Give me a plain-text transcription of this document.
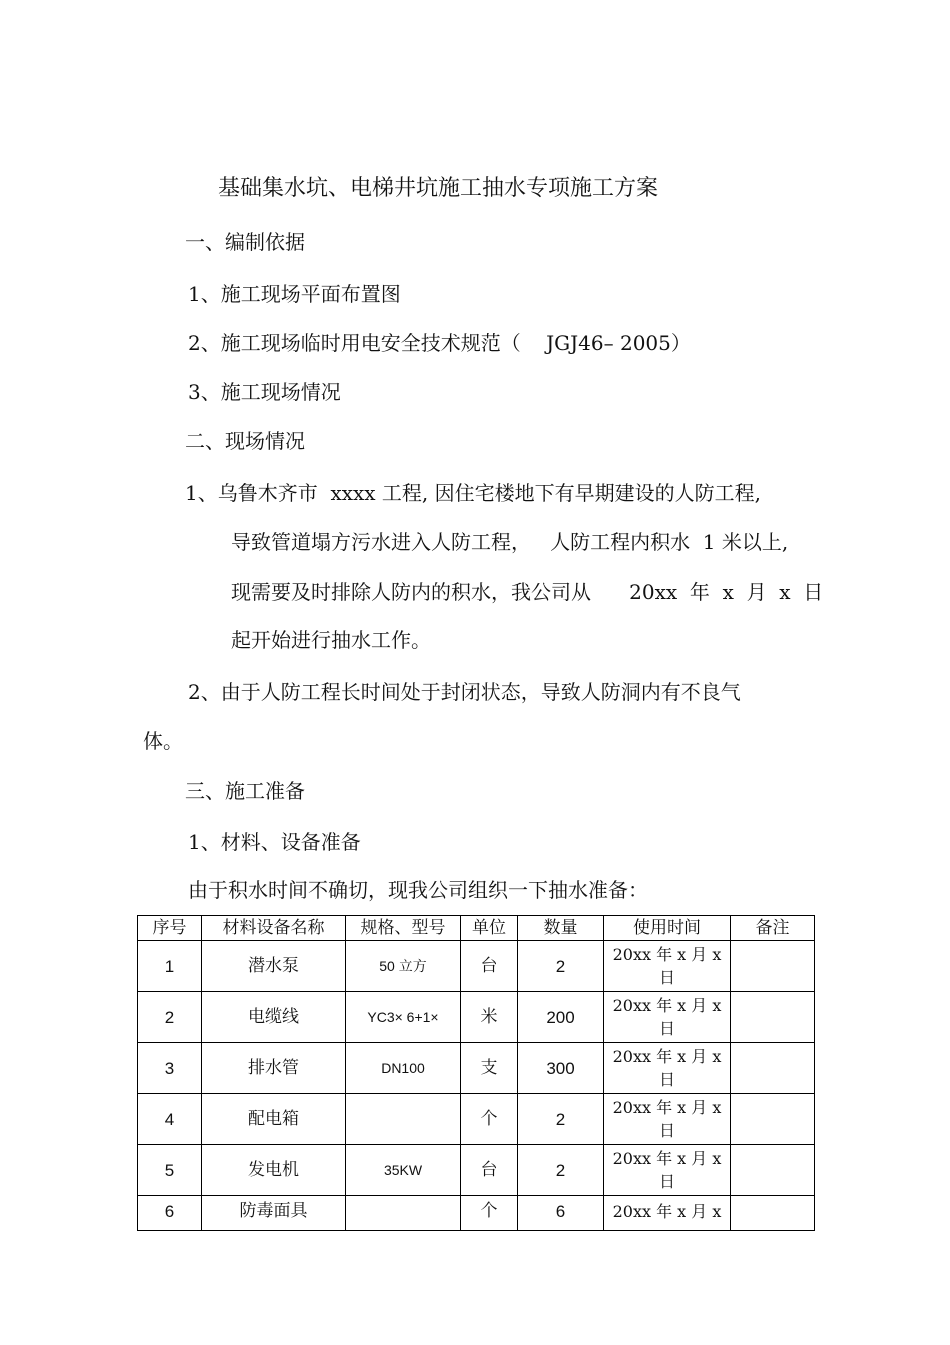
基础集水坑、电梯井坑施工抽水专项施工方案
一、编制依据
1、施工现场平面布置图
2、施工现场临时用电安全技术规范（    JGJ46– 2005）
3、施工现场情况
二、现场情况
1、乌鲁木齐市  xxxx 工程, 因住宅楼地下有早期建设的人防工程,
导致管道塌方污水进入人防工程，   人防工程内积水  1 米以上,
现需要及时排除人防内的积水，我公司从      20xx  年  x  月  x  日
起开始进行抽水工作。
2、由于人防工程长时间处于封闭状态，导致人防洞内有不良气
体。
三、施工准备
1、材料、设备准备
由于积水时间不确切，现我公司组织一下抽水准备：
序号	材料设备名称	规格、型号	单位	数量	使用时间	备注
1	潜水泵	50 立方	台	2	20xx 年 x 月 x
日	
2	电缆线	YC3× 6+1×	米	200	20xx 年 x 月 x
日	
3	排水管	DN100	支	300	20xx 年 x 月 x
日	
4	配电箱		个	2	20xx 年 x 月 x
日	
5	发电机	35KW	台	2	20xx 年 x 月 x
日	
6	防毒面具		个	6	20xx 年 x 月 x	
